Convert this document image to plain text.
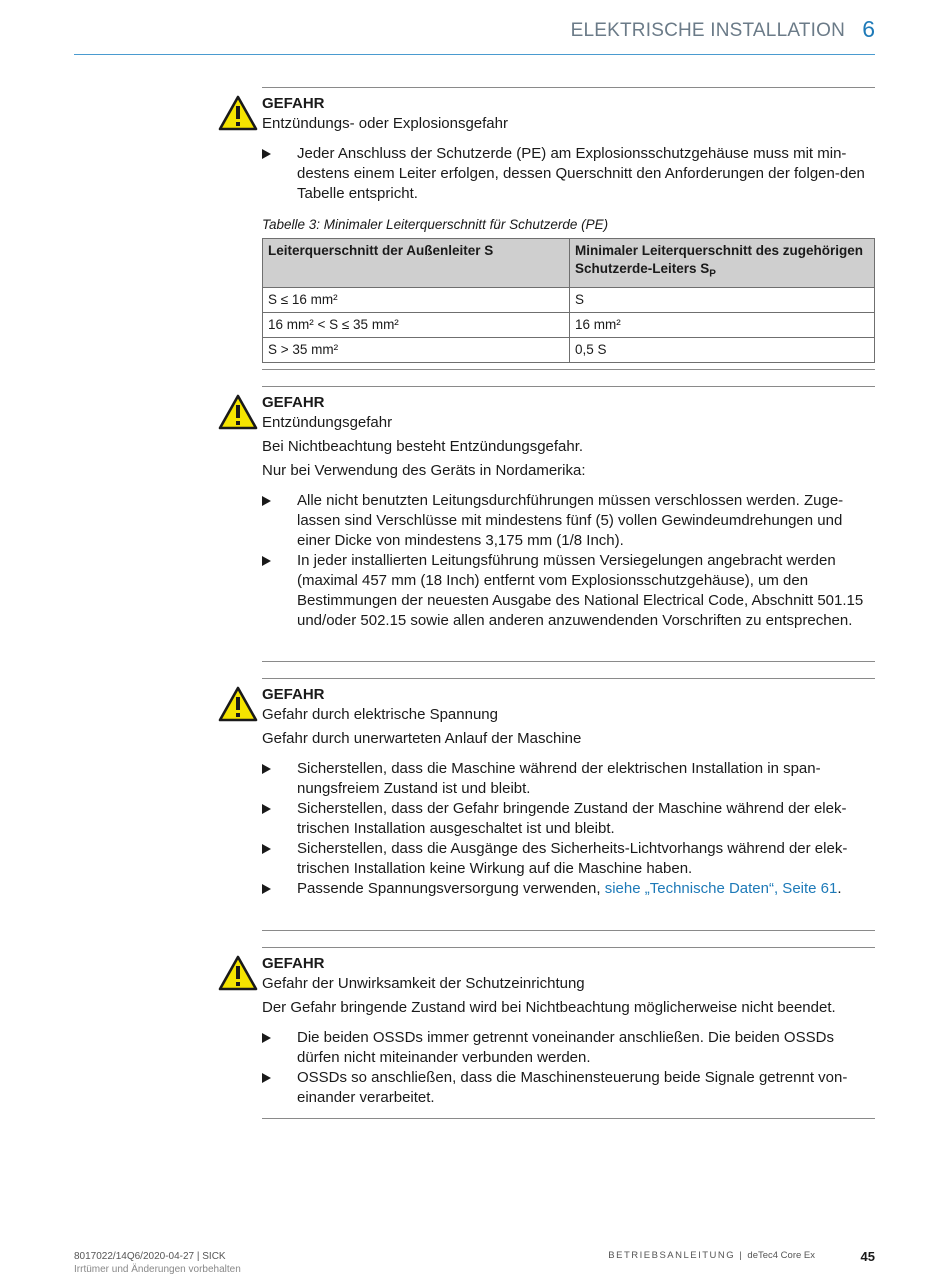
ELEKTRISCHE INSTALLATION 6
GEFAHR
Entzündungs- oder Explosionsgefahr
Jeder Anschluss der Schutzerde (PE) am Explosionsschutzgehäuse muss mit min-destens einem Leiter erfolgen, dessen Querschnitt den Anforderungen der folgen-den Tabelle entspricht.
Tabelle 3: Minimaler Leiterquerschnitt für Schutzerde (PE)
Leiterquerschnitt der Außenleiter S	Minimaler Leiterquerschnitt des zugehörigen Schutzerde-Leiters $S_P$
S ≤ 16 mm²	S
16 mm² < S ≤ 35 mm²	16 mm²
S > 35 mm²	0,5 S
GEFAHR
Entzündungsgefahr
Bei Nichtbeachtung besteht Entzündungsgefahr.
Nur bei Verwendung des Geräts in Nordamerika:
Alle nicht benutzten Leitungsdurchführungen müssen verschlossen werden. Zuge-lassen sind Verschlüsse mit mindestens fünf (5) vollen Gewindeumdrehungen und einer Dicke von mindestens 3,175 mm (1/8 Inch).
In jeder installierten Leitungsführung müssen Versiegelungen angebracht werden (maximal 457 mm (18 Inch) entfernt vom Explosionsschutzgehäuse), um den Bestimmungen der neuesten Ausgabe des National Electrical Code, Abschnitt 501.15 und/oder 502.15 sowie allen anderen anzuwendenden Vorschriften zu entsprechen.
GEFAHR
Gefahr durch elektrische Spannung
Gefahr durch unerwarteten Anlauf der Maschine
Sicherstellen, dass die Maschine während der elektrischen Installation in span-nungsfreiem Zustand ist und bleibt.
Sicherstellen, dass der Gefahr bringende Zustand der Maschine während der elek-trischen Installation ausgeschaltet ist und bleibt.
Sicherstellen, dass die Ausgänge des Sicherheits-Lichtvorhangs während der elek-trischen Installation keine Wirkung auf die Maschine haben.
Passende Spannungsversorgung verwenden, siehe „Technische Daten“, Seite 61.
GEFAHR
Gefahr der Unwirksamkeit der Schutzeinrichtung
Der Gefahr bringende Zustand wird bei Nichtbeachtung möglicherweise nicht beendet.
Die beiden OSSDs immer getrennt voneinander anschließen. Die beiden OSSDs dürfen nicht miteinander verbunden werden.
OSSDs so anschließen, dass die Maschinensteuerung beide Signale getrennt von-einander verarbeitet.
8017022/14Q6/2020-04-27 | SICK
Irrtümer und Änderungen vorbehalten
BETRIEBSANLEITUNG | deTec4 Core Ex	45
